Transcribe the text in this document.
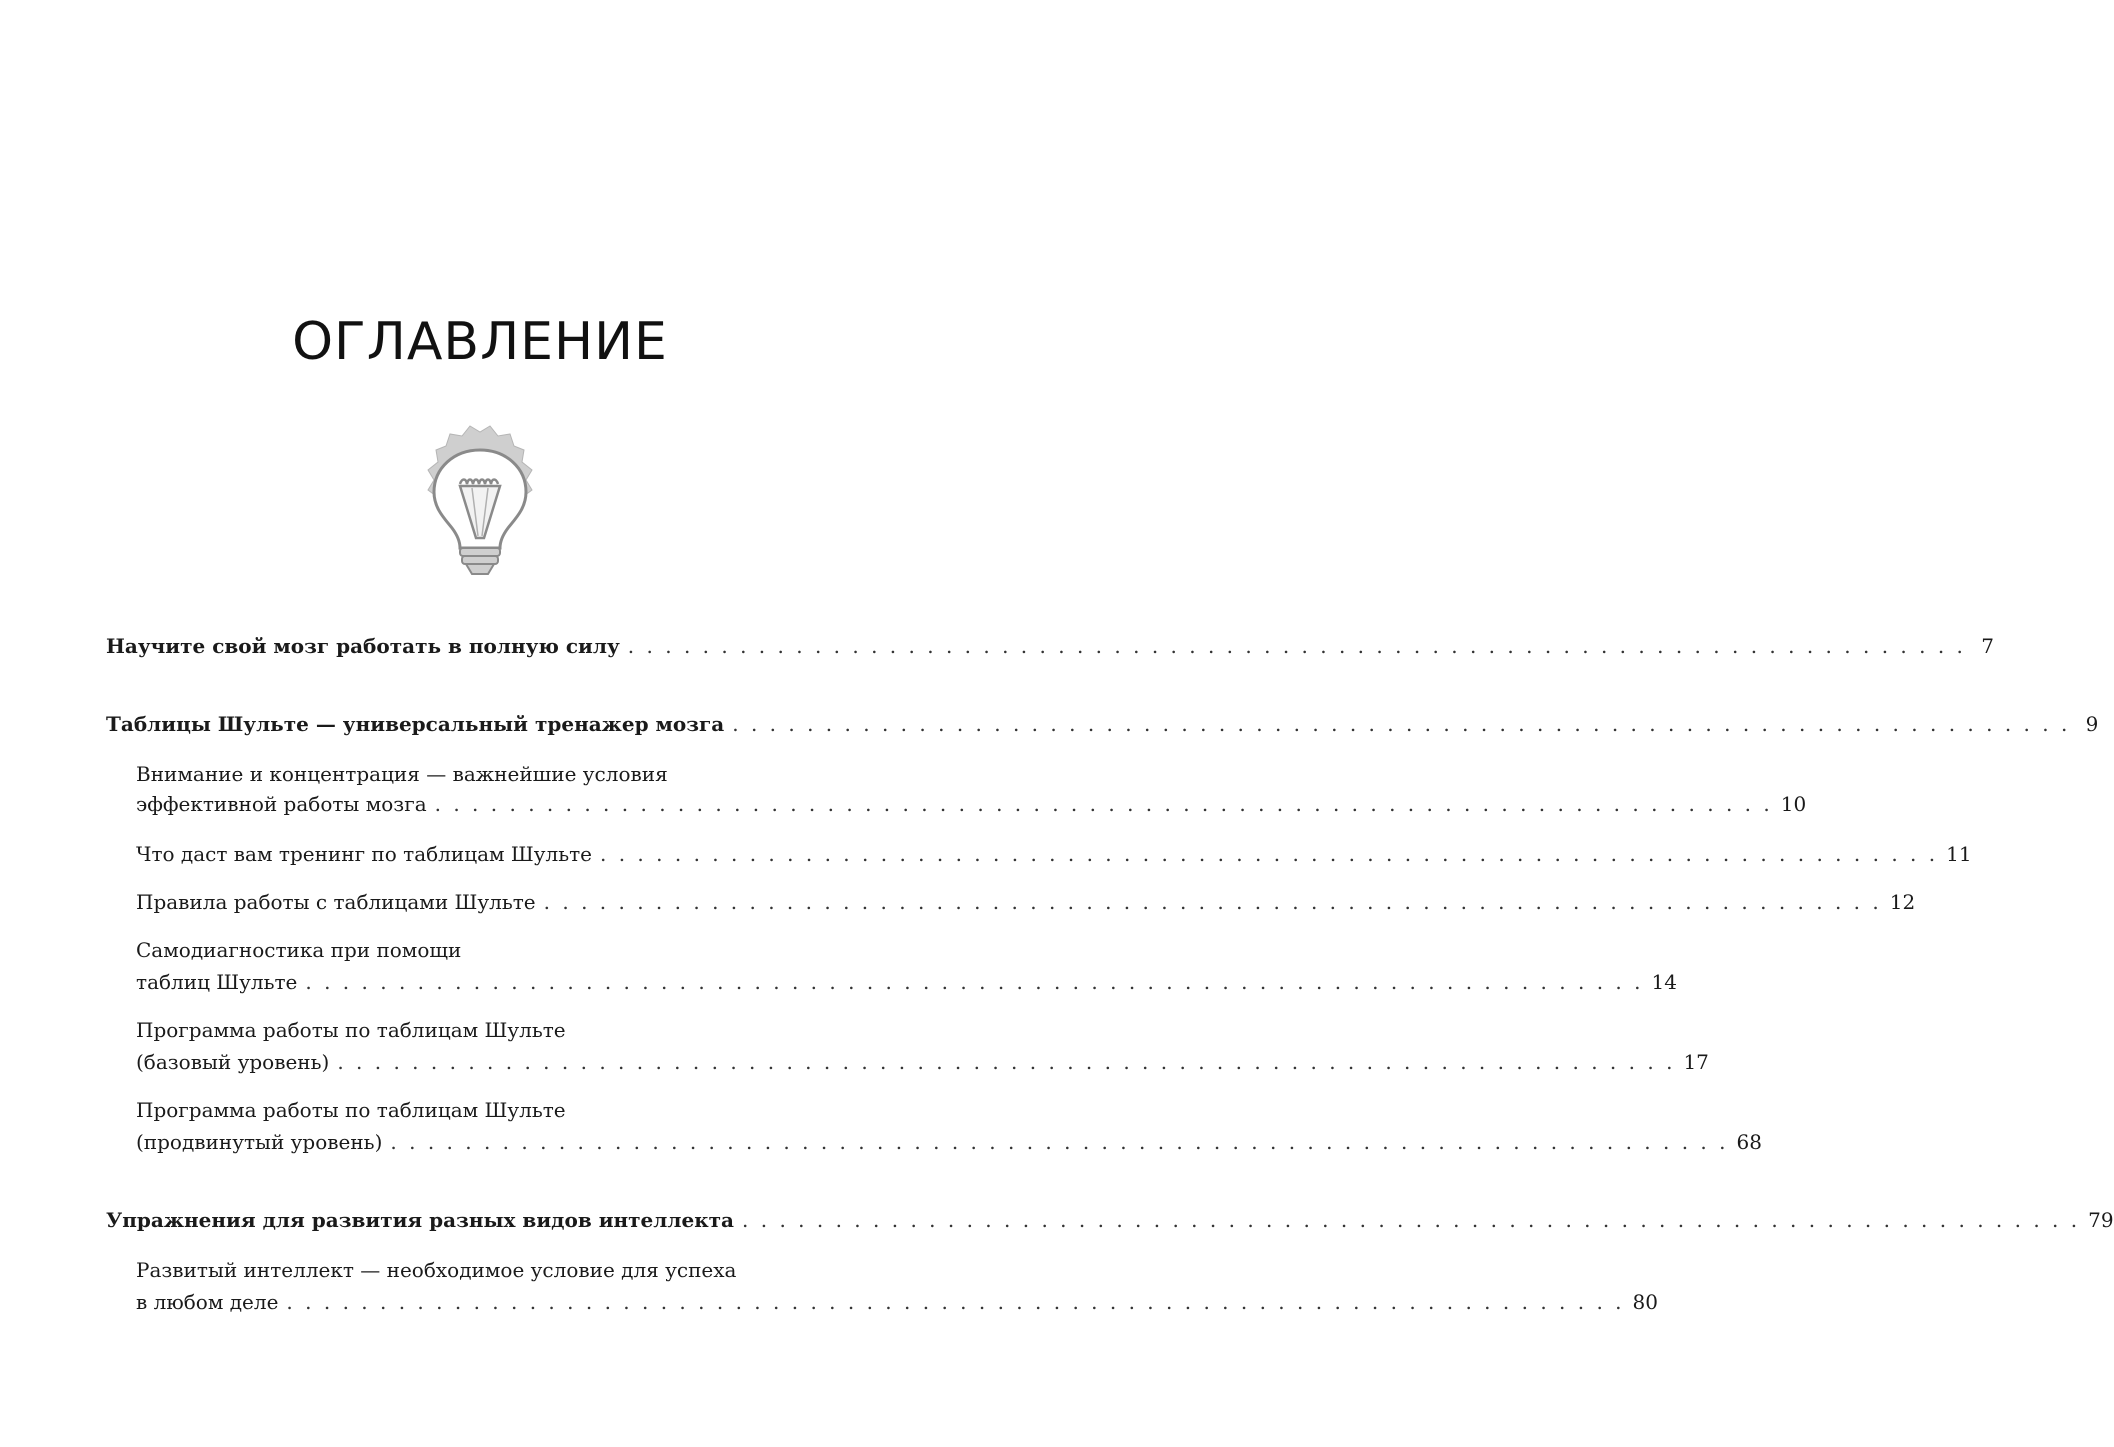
ОГЛАВЛЕНИЕ
Научите свой мозг работать в полную силу . . . . . . . . . . . . . . . . . . . . . . . . . . . . . . . . . . . . . . . . . . . . . . . . . . . . . . . . . . . . . . . . . . . . . . . . 7
Таблицы Шульте — универсальный тренажер мозга . . . . . . . . . . . . . . . . . . . . . . . . . . . . . . . . . . . . . . . . . . . . . . . . . . . . . . . . . . . . . . . . . . . . . . . . 9
Внимание и концентрация — важнейшие условия
эффективной работы мозга . . . . . . . . . . . . . . . . . . . . . . . . . . . . . . . . . . . . . . . . . . . . . . . . . . . . . . . . . . . . . . . . . . . . . . . . 10
Что даст вам тренинг по таблицам Шульте . . . . . . . . . . . . . . . . . . . . . . . . . . . . . . . . . . . . . . . . . . . . . . . . . . . . . . . . . . . . . . . . . . . . . . . . 11
Правила работы с таблицами Шульте . . . . . . . . . . . . . . . . . . . . . . . . . . . . . . . . . . . . . . . . . . . . . . . . . . . . . . . . . . . . . . . . . . . . . . . . 12
Самодиагностика при помощи
таблиц Шульте . . . . . . . . . . . . . . . . . . . . . . . . . . . . . . . . . . . . . . . . . . . . . . . . . . . . . . . . . . . . . . . . . . . . . . . . 14
Программа работы по таблицам Шульте
(базовый уровень) . . . . . . . . . . . . . . . . . . . . . . . . . . . . . . . . . . . . . . . . . . . . . . . . . . . . . . . . . . . . . . . . . . . . . . . . 17
Программа работы по таблицам Шульте
(продвинутый уровень) . . . . . . . . . . . . . . . . . . . . . . . . . . . . . . . . . . . . . . . . . . . . . . . . . . . . . . . . . . . . . . . . . . . . . . . . 68
Упражнения для развития разных видов интеллекта . . . . . . . . . . . . . . . . . . . . . . . . . . . . . . . . . . . . . . . . . . . . . . . . . . . . . . . . . . . . . . . . . . . . . . . . 79
Развитый интеллект — необходимое условие для успеха
в любом деле . . . . . . . . . . . . . . . . . . . . . . . . . . . . . . . . . . . . . . . . . . . . . . . . . . . . . . . . . . . . . . . . . . . . . . . . 80
